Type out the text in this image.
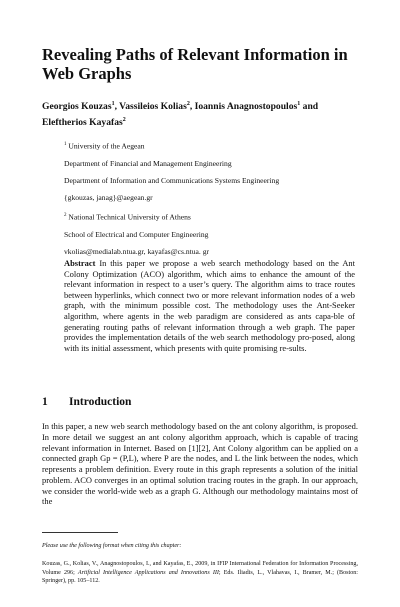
Revealing Paths of Relevant Information in Web Graphs
Georgios Kouzas$^1$, Vassileios Kolias$^2$, Ioannis Anagnostopoulos$^1$ and Eleftherios Kayafas$^2$

$^1$ University of the Aegean

Department of Financial and Management Engineering

Department of Information and Communications Systems Engineering

{gkouzas, janag}@aegean.gr

$^2$ National Technical University of Athens

School of Electrical and Computer Engineering

vkolias@medialab.ntua.gr, kayafas@cs.ntua. gr

Abstract In this paper we propose a web search methodology based on the Ant Colony Optimization (ACO) algorithm, which aims to enhance the amount of the relevant information in respect to a user’s query. The algorithm aims to trace routes between hyperlinks, which connect two or more relevant information nodes of a web graph, with the minimum possible cost. The methodology uses the Ant-Seeker algorithm, where agents in the web paradigm are considered as ants capa-ble of generating routing paths of relevant information through a web graph. The paper provides the implementation details of the web search methodology pro-posed, along with its initial assessment, which presents with quite promising re-sults.

1 Introduction

In this paper, a new web search methodology based on the ant colony algorithm, is proposed. In more detail we suggest an ant colony algorithm approach, which is capable of tracing relevant information in Internet. Based on [1][2], Ant Colony algorithm can be applied on a connected graph Gp = (P,L), where P are the nodes, and L the link between the nodes, which represents a problem definition. Every route in this graph represents a solution of the initial problem. ACO converges in an optimal solution tracing routes in the graph. In our approach, we consider the world-wide web as a graph G. Although our methodology maintains most of the

Please use the following format when citing this chapter:

Kouzas, G., Kolias, V., Anagnostopoulos, I., and Kayafas, E., 2009, in IFIP International Federation for Information Processing, Volume 296; Artificial Intelligence Applications and Innovations III; Eds. Iliadis, L., Vlahavas, I., Bramer, M.; (Boston: Springer), pp. 105–112.
